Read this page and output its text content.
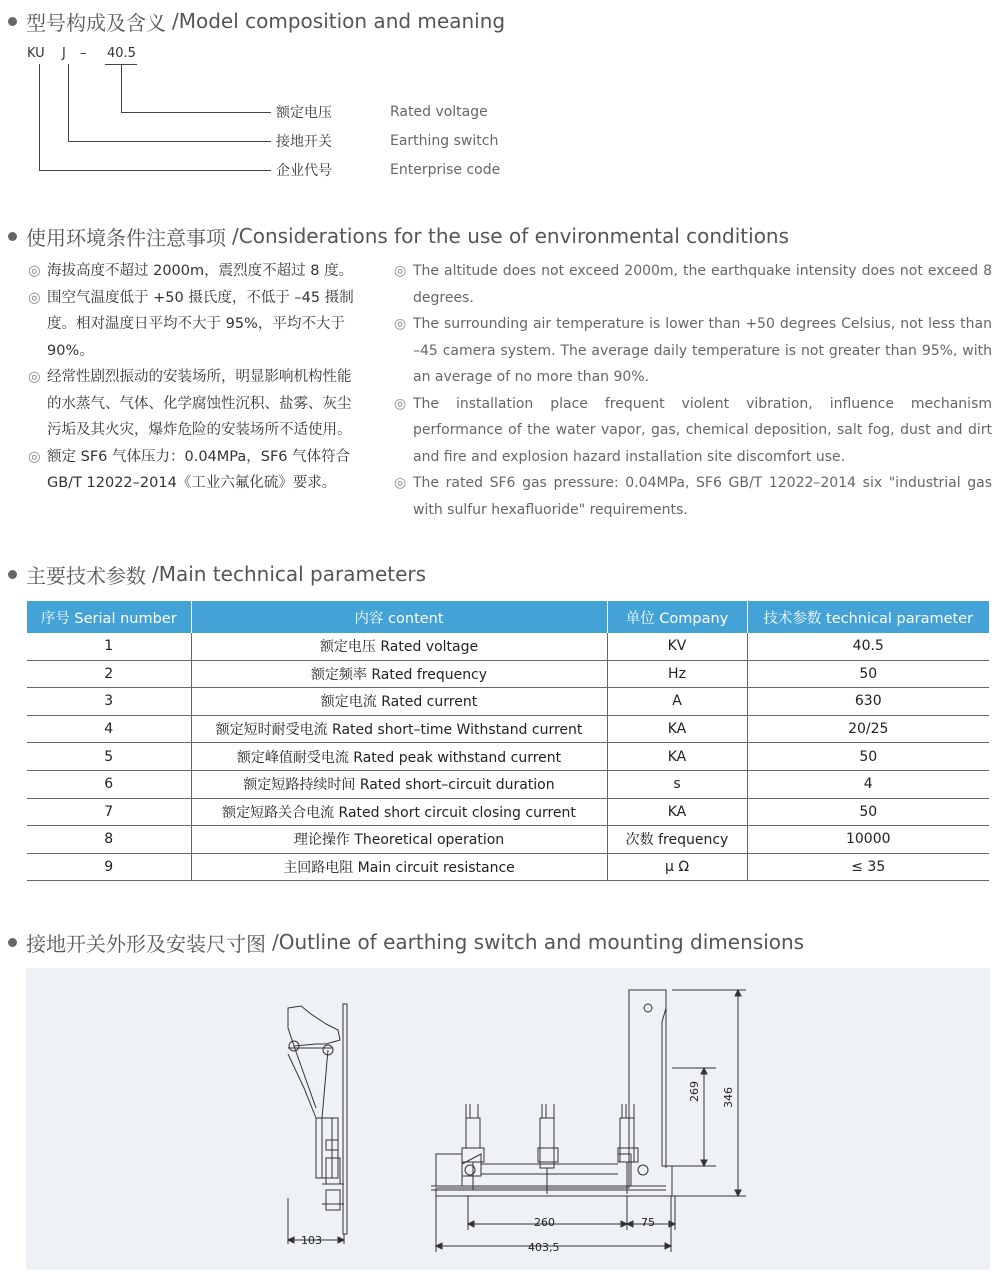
型号构成及含义 /Model composition and meaning
KU J – 40.5
额定电压	Rated voltage
接地开关	Earthing switch
企业代号	Enterprise code
使用环境条件注意事项 /Considerations for the use of environmental conditions
◎ 海拔高度不超过 2000m，震烈度不超过 8 度。
◎ 围空气温度低于 +50 摄氏度，不低于 –45 摄制度。相对温度日平均不大于 95%，平均不大于 90%。
◎ 经常性剧烈振动的安装场所，明显影响机构性能的水蒸气、气体、化学腐蚀性沉积、盐雾、灰尘污垢及其火灾，爆炸危险的安装场所不适使用。
◎ 额定 SF6 气体压力：0.04MPa，SF6 气体符合 GB/T 12022–2014《工业六氟化硫》要求。
◎ The altitude does not exceed 2000m, the earthquake intensity does not exceed 8 degrees.
◎ The surrounding air temperature is lower than +50 degrees Celsius, not less than –45 camera system. The average daily temperature is not greater than 95%, with an average of no more than 90%.
◎ The installation place frequent violent vibration, influence mechanism performance of the water vapor, gas, chemical deposition, salt fog, dust and dirt and fire and explosion hazard installation site discomfort use.
◎ The rated SF6 gas pressure: 0.04MPa, SF6 GB/T 12022–2014 six "industrial gas with sulfur hexafluoride" requirements.
主要技术参数 /Main technical parameters
序号 Serial number	内容 content	单位 Company	技术参数 technical parameter
1	额定电压 Rated voltage	KV	40.5
2	额定频率 Rated frequency	Hz	50
3	额定电流 Rated current	A	630
4	额定短时耐受电流 Rated short–time Withstand current	KA	20/25
5	额定峰值耐受电流 Rated peak withstand current	KA	50
6	额定短路持续时间 Rated short–circuit duration	s	4
7	额定短路关合电流 Rated short circuit closing current	KA	50
8	理论操作 Theoretical operation	次数 frequency	10000
9	主回路电阻 Main circuit resistance	μ Ω	≤ 35
接地开关外形及安装尺寸图 /Outline of earthing switch and mounting dimensions
103
260	75
403,5
269 346
